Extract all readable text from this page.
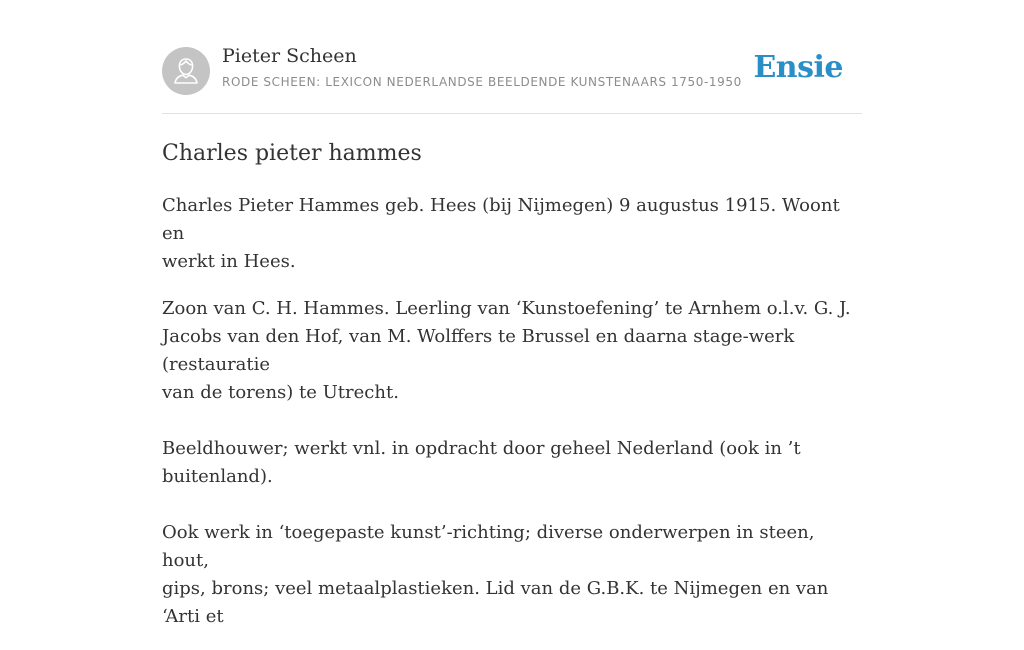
Pieter Scheen
RODE SCHEEN: LEXICON NEDERLANDSE BEELDENDE KUNSTENAARS 1750-1950 Ensie
Charles pieter hammes

Charles Pieter Hammes geb. Hees (bij Nijmegen) 9 augustus 1915. Woont en
werkt in Hees.

Zoon van C. H. Hammes. Leerling van ‘Kunstoefening’ te Arnhem o.l.v. G. J.
Jacobs van den Hof, van M. Wolffers te Brussel en daarna stage-werk (restauratie
van de torens) te Utrecht.

Beeldhouwer; werkt vnl. in opdracht door geheel Nederland (ook in ’t
buitenland).

Ook werk in ‘toegepaste kunst’-richting; diverse onderwerpen in steen, hout,
gips, brons; veel metaalplastieken. Lid van de G.B.K. te Nijmegen en van ‘Arti et
